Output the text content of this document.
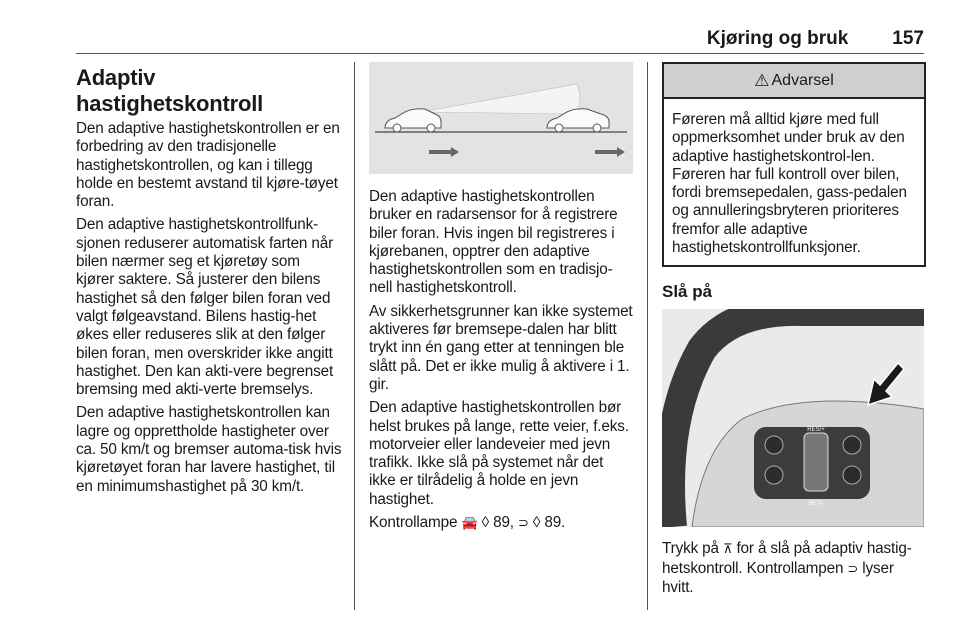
Kjøring og bruk 157
Adaptiv hastighetskontroll

Den adaptive hastighetskontrollen er en forbedring av den tradisjonelle hastighetskontrollen, og kan i tillegg holde en bestemt avstand til kjøre-tøyet foran.

Den adaptive hastighetskontrollfunk-sjonen reduserer automatisk farten når bilen nærmer seg et kjøretøy som kjører saktere. Så justerer den bilens hastighet så den følger bilen foran ved valgt følgeavstand. Bilens hastig-het økes eller reduseres slik at den følger bilen foran, men overskrider ikke angitt hastighet. Den kan akti-vere begrenset bremsing med akti-verte bremselys.

Den adaptive hastighetskontrollen kan lagre og opprettholde hastigheter over ca. 50 km/t og bremser automa-tisk hvis kjøretøyet foran har lavere hastighet, til en minimumshastighet på 30 km/t.

Den adaptive hastighetskontrollen bruker en radarsensor for å registrere biler foran. Hvis ingen bil registreres i kjørebanen, opptrer den adaptive hastighetskontrollen som en tradisjo-nell hastighetskontroll.

Av sikkerhetsgrunner kan ikke systemet aktiveres før bremsepe-dalen har blitt trykt inn én gang etter at tenningen ble slått på. Det er ikke mulig å aktivere i 1. gir.

Den adaptive hastighetskontrollen bør helst brukes på lange, rette veier, f.eks. motorveier eller landeveier med jevn trafikk. Ikke slå på systemet når det ikke er tilrådelig å holde en jevn hastighet.

Kontrollampe 🚘 ◊ 89, ⊃ ◊ 89.

⚠ Advarsel

Føreren må alltid kjøre med full oppmerksomhet under bruk av den adaptive hastighetskontrol-len. Føreren har full kontroll over bilen, fordi bremsepedalen, gass-pedalen og annulleringsbryteren prioriteres fremfor alle adaptive hastighetskontrollfunksjoner.

Slå på
RES/+
SET/-

Trykk på ⊼ for å slå på adaptiv hastig-hetskontroll. Kontrollampen ⊃ lyser hvitt.
